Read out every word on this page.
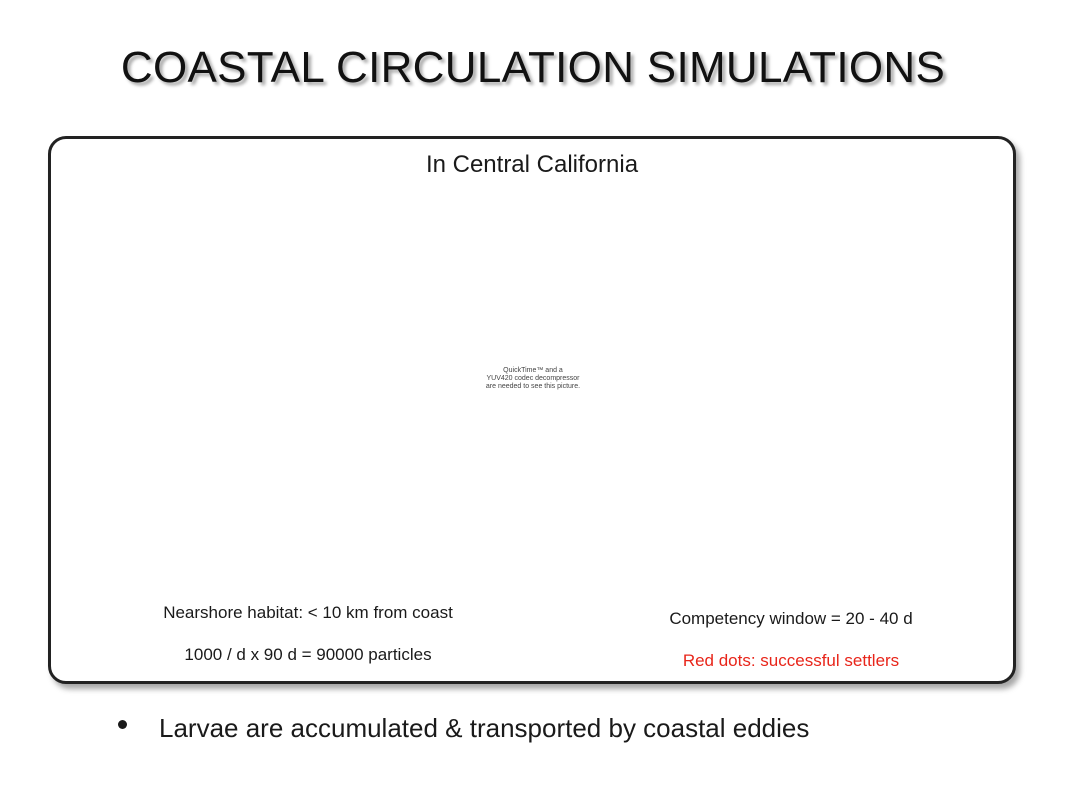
COASTAL CIRCULATION SIMULATIONS
In Central California
QuickTime™ and a
YUV420 codec decompressor
are needed to see this picture.
Nearshore habitat: < 10 km from coast
1000 / d x 90 d = 90000 particles
Competency window = 20 - 40 d
Red dots: successful settlers
Larvae are accumulated & transported by coastal eddies
